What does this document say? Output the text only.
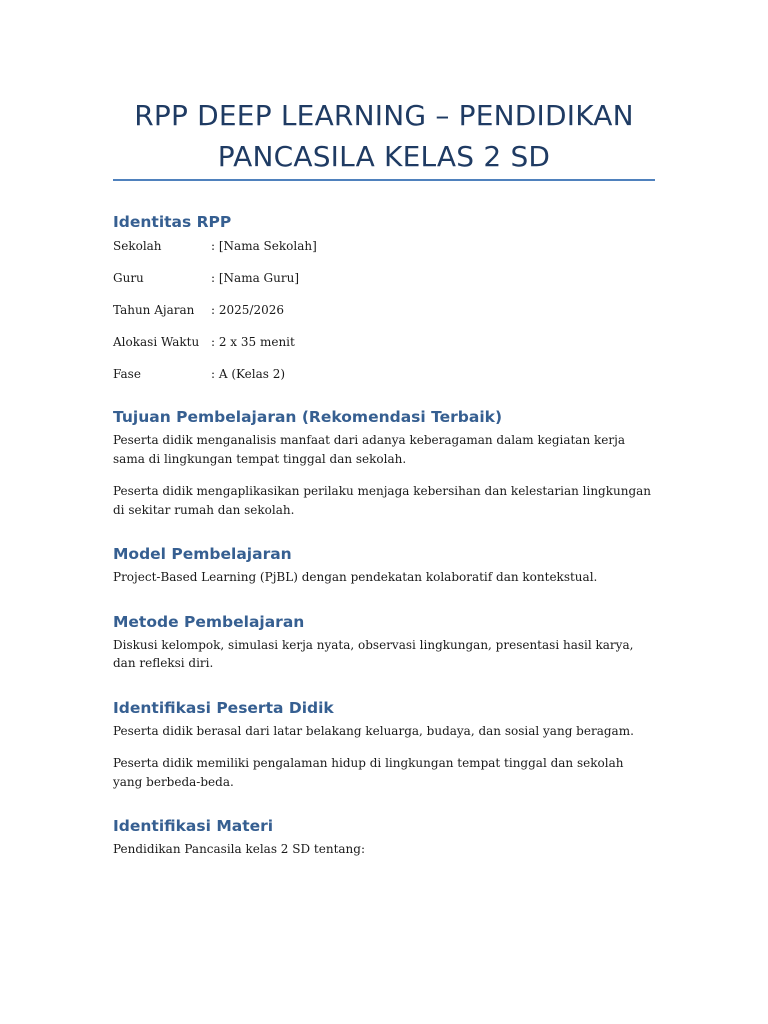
RPP DEEP LEARNING – PENDIDIKAN PANCASILA KELAS 2 SD
Identitas RPP
Sekolah	: [Nama Sekolah]
Guru	: [Nama Guru]
Tahun Ajaran	: 2025/2026
Alokasi Waktu : 2 x 35 menit
Fase	: A (Kelas 2)
Tujuan Pembelajaran (Rekomendasi Terbaik)

Peserta didik menganalisis manfaat dari adanya keberagaman dalam kegiatan kerja sama di lingkungan tempat tinggal dan sekolah.

Peserta didik mengaplikasikan perilaku menjaga kebersihan dan kelestarian lingkungan di sekitar rumah dan sekolah.

Model Pembelajaran

Project-Based Learning (PjBL) dengan pendekatan kolaboratif dan kontekstual.

Metode Pembelajaran

Diskusi kelompok, simulasi kerja nyata, observasi lingkungan, presentasi hasil karya, dan refleksi diri.

Identifikasi Peserta Didik

Peserta didik berasal dari latar belakang keluarga, budaya, dan sosial yang beragam.

Peserta didik memiliki pengalaman hidup di lingkungan tempat tinggal dan sekolah yang berbeda-beda.

Identifikasi Materi

Pendidikan Pancasila kelas 2 SD tentang:
